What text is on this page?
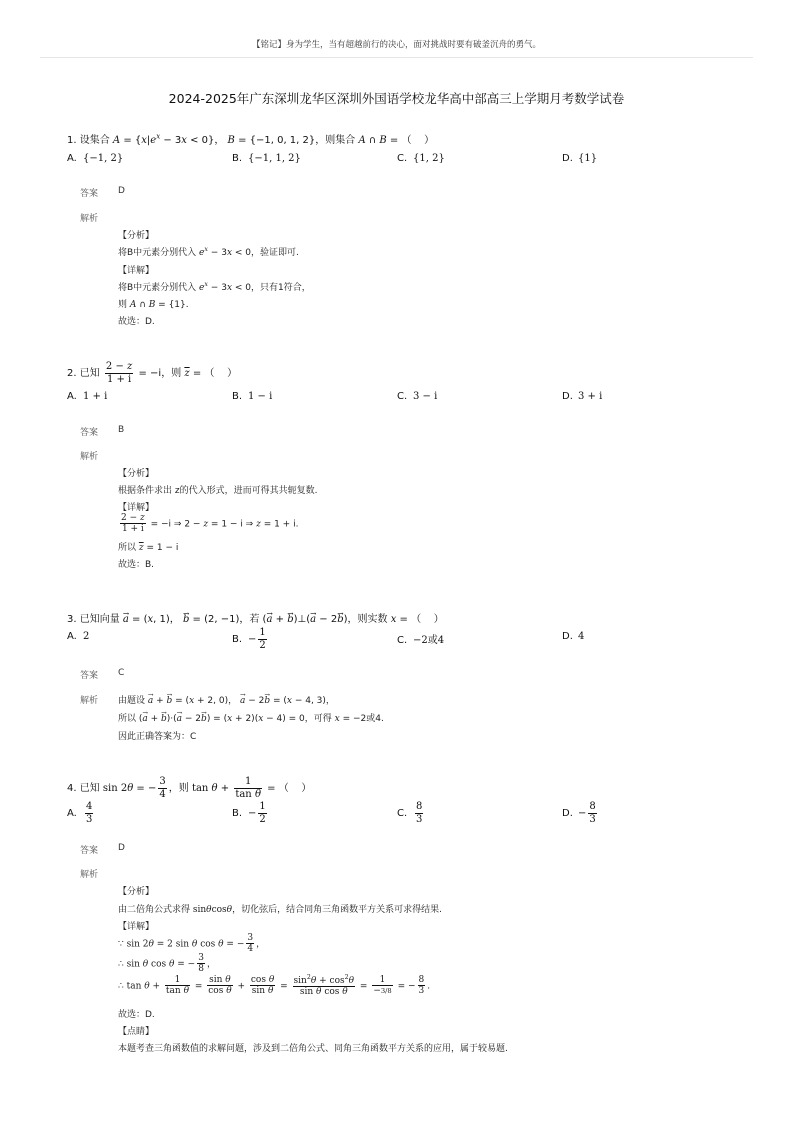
【铭记】身为学生，当有超越前行的决心，面对挑战时要有破釜沉舟的勇气。
2024-2025年广东深圳龙华区深圳外国语学校龙华高中部高三上学期月考数学试卷
1. 设集合 $A = \{x|e^x - 3x < 0\}$， B = {−1, 0, 1, 2}，则集合 A ∩ B = （    ）
A. {−1, 2}	B. {−1, 1, 2}	C. {1, 2}	D. {1}
答案 D
解析
【分析】
将B中元素分别代入 $e^x - 3x < 0$，验证即可.
【详解】
将B中元素分别代入 $e^x - 3x < 0$，只有1符合，
则 A ∩ B = {1}.
故选：D.
2. 已知 $\frac{2 - z}{1 + i} = -i$，则 $\overline{z}$ = （    ）
A. 1 + i	B. 1 − i	C. 3 − i	D. 3 + i
答案 B
解析
【分析】
根据条件求出 z的代入形式，进而可得其共轭复数.
【详解】
$\frac{2 - z}{1 + i} = -i$ ⇒ 2 − z = 1 − i ⇒ z = 1 + i.
所以 $\overline{z} = 1 - i$
故选：B.
3. 已知向量 → a = (x, 1)， → b = (2, −1)，若 (→ a + → b)⊥(→ a − 2→ b)，则实数 x = （    ）
A. 2	B. − $\frac{1}{2}$	C. −2或4	D. 4
答案 C
解析 由题设 → a + → b = (x + 2, 0)， → a − 2→ b = (x − 4, 3)，
所以 (→ a + → b)·(→ a − 2→ b) = (x + 2)(x − 4) = 0，可得 x = −2或4.
因此正确答案为：C
4. 已知 sin 2θ = − $\frac{3}{4}$ ，则 $\tan \theta + \frac{1}{\text{tan θ}}$ = （    ）
A. $\frac{4}{3}$	B. − $\frac{1}{2}$	C. $\frac{8}{3}$	D. − $\frac{8}{3}$
答案 D
解析
【分析】
由二倍角公式求得 sinθcosθ，切化弦后，结合同角三角函数平方关系可求得结果.
【详解】
∵ sin 2θ = 2 sin θ cos θ = − $\frac{3}{4}$ ，
∴ sin θ cos θ = − $\frac{3}{8}$ ，
∴ $\tan \theta + \frac{1}{\text{tan θ}} = \frac{\text{sin θ}}{\text{cos θ}} + \frac{\text{cos θ}}{\text{sin θ}} = \frac{\sin^2\theta + \cos^2\theta}{\text{sin θ cos θ}} = \frac{1}{-3/8}$ = − $\frac{8}{3}$ .
故选：D.
【点睛】
本题考查三角函数值的求解问题，涉及到二倍角公式、同角三角函数平方关系的应用，属于较易题.
